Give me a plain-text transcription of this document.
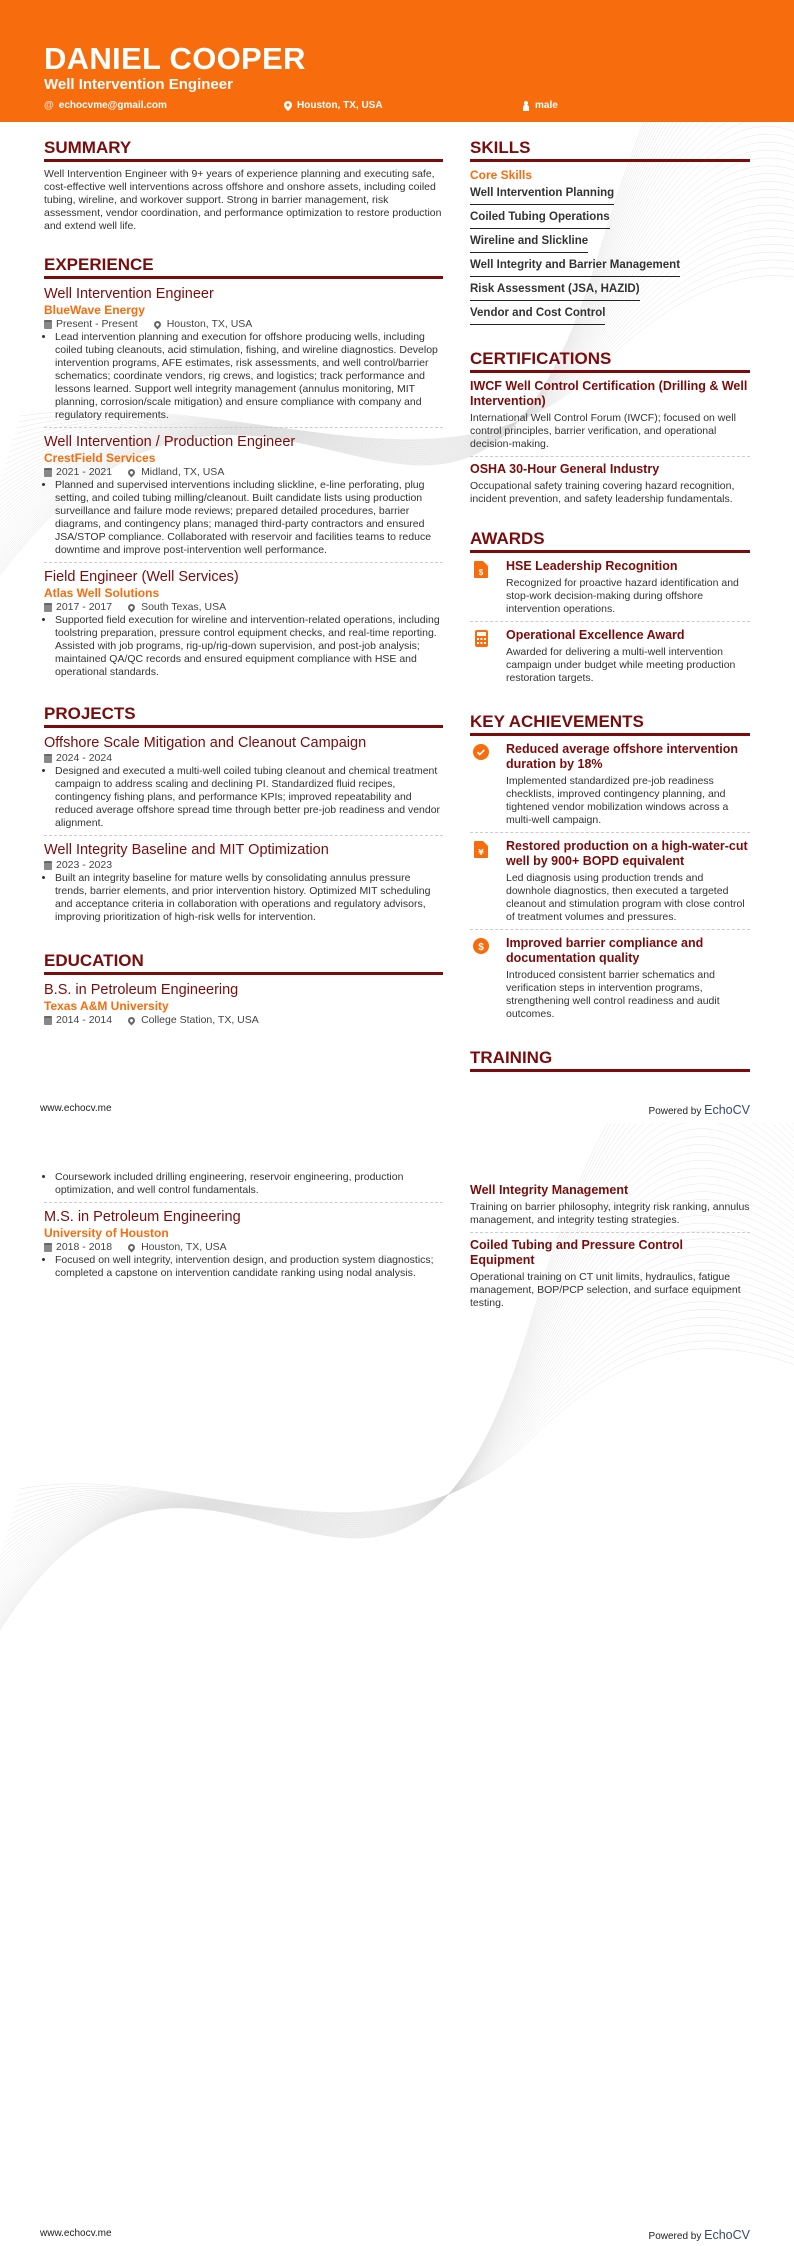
DANIEL COOPER
Well Intervention Engineer
@ echocvme@gmail.com	Houston, TX, USA	male
SUMMARY

Well Intervention Engineer with 9+ years of experience planning and executing safe, cost-effective well interventions across offshore and onshore assets, including coiled tubing, wireline, and workover support. Strong in barrier management, risk assessment, vendor coordination, and performance optimization to restore production and extend well life.

EXPERIENCE
Well Intervention Engineer
BlueWave Energy
Present - Present	Houston, TX, USA
• Lead intervention planning and execution for offshore producing wells, including coiled tubing cleanouts, acid stimulation, fishing, and wireline diagnostics. Develop intervention programs, AFE estimates, risk assessments, and well control/barrier schematics; coordinate vendors, rig crews, and logistics; track performance and lessons learned. Support well integrity management (annulus monitoring, MIT planning, corrosion/scale mitigation) and ensure compliance with company and regulatory requirements.
Well Intervention / Production Engineer
CrestField Services
2021 - 2021	Midland, TX, USA
• Planned and supervised interventions including slickline, e-line perforating, plug setting, and coiled tubing milling/cleanout. Built candidate lists using production surveillance and failure mode reviews; prepared detailed procedures, barrier diagrams, and contingency plans; managed third-party contractors and ensured JSA/STOP compliance. Collaborated with reservoir and facilities teams to reduce downtime and improve post-intervention well performance.
Field Engineer (Well Services)
Atlas Well Solutions
2017 - 2017	South Texas, USA
• Supported field execution for wireline and intervention-related operations, including toolstring preparation, pressure control equipment checks, and real-time reporting. Assisted with job programs, rig-up/rig-down supervision, and post-job analysis; maintained QA/QC records and ensured equipment compliance with HSE and operational standards.
PROJECTS
Offshore Scale Mitigation and Cleanout Campaign
2024 - 2024
• Designed and executed a multi-well coiled tubing cleanout and chemical treatment campaign to address scaling and declining PI. Standardized fluid recipes, contingency fishing plans, and performance KPIs; improved repeatability and reduced average offshore spread time through better pre-job readiness and vendor alignment.
Well Integrity Baseline and MIT Optimization
2023 - 2023
• Built an integrity baseline for mature wells by consolidating annulus pressure trends, barrier elements, and prior intervention history. Optimized MIT scheduling and acceptance criteria in collaboration with operations and regulatory advisors, improving prioritization of high-risk wells for intervention.
EDUCATION
B.S. in Petroleum Engineering
Texas A&M University
2014 - 2014	College Station, TX, USA
SKILLS
Core Skills
Well Intervention Planning
Coiled Tubing Operations
Wireline and Slickline
Well Integrity and Barrier Management
Risk Assessment (JSA, HAZID)
Vendor and Cost Control
CERTIFICATIONS
IWCF Well Control Certification (Drilling & Well Intervention)

International Well Control Forum (IWCF); focused on well control principles, barrier verification, and operational decision-making.

OSHA 30-Hour General Industry

Occupational safety training covering hazard recognition, incident prevention, and safety leadership fundamentals.

AWARDS
$ HSE Leadership Recognition

Recognized for proactive hazard identification and stop-work decision-making during offshore intervention operations.

Operational Excellence Award

Awarded for delivering a multi-well intervention campaign under budget while meeting production restoration targets.

KEY ACHIEVEMENTS
Reduced average offshore intervention duration by 18%

Implemented standardized pre-job readiness checklists, improved contingency planning, and tightened vendor mobilization windows across a multi-well campaign.

¥ Restored production on a high-water-cut well by 900+ BOPD equivalent

Led diagnosis using production trends and downhole diagnostics, then executed a targeted cleanout and stimulation program with close control of treatment volumes and pressures.

$ Improved barrier compliance and documentation quality

Introduced consistent barrier schematics and verification steps in intervention programs, strengthening well control readiness and audit outcomes.

TRAINING
www.echocv.me	Powered by EchoCV
• Coursework included drilling engineering, reservoir engineering, production optimization, and well control fundamentals.
M.S. in Petroleum Engineering
University of Houston
2018 - 2018	Houston, TX, USA
• Focused on well integrity, intervention design, and production system diagnostics; completed a capstone on intervention candidate ranking using nodal analysis.
Well Integrity Management

Training on barrier philosophy, integrity risk ranking, annulus management, and integrity testing strategies.

Coiled Tubing and Pressure Control Equipment

Operational training on CT unit limits, hydraulics, fatigue management, BOP/PCP selection, and surface equipment testing.

www.echocv.me	Powered by EchoCV
